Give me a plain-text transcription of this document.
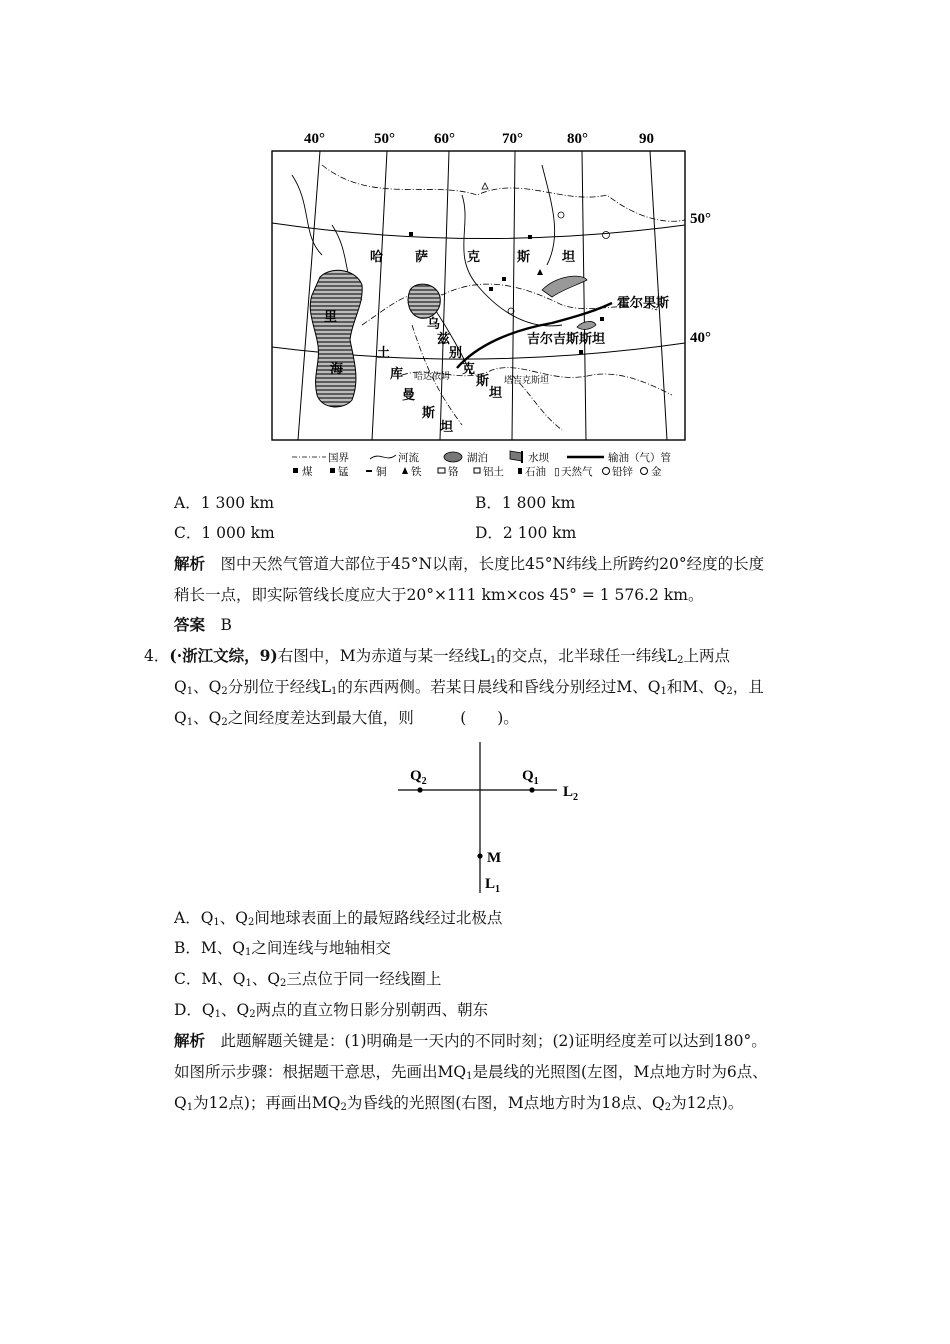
40°	50°	60°	70°	80°	90
50°
40°
哈 萨	克	斯 坦
乌
兹
别
克
斯
坦
土
库
曼
斯
坦
里
海
霍尔果斯
吉尔吉斯斯坦
哈达依姆	塔吉克斯坦
国界	河流	湖泊	水坝	输油（气）管
煤 锰	铜 铁	铬 铝土 石油 ▯ 天然气 铅锌 金
A．1 300 km	B．1 800 km
C．1 000 km	D．2 100 km
解析　 图中天然气管道大部位于45°N以南，长度比45°N纬线上所跨约20°经度的长度
稍长一点，即实际管线长度应大于20°×111 km×cos 45° = 1 576.2 km。
答案　 B
4．(·浙江文综，9)右图中，M为赤道与某一经线$L_1$的交点，北半球任一纬线$L_2$上两点
$Q_1$、$Q_2$分别位于经线$L_1$的东西两侧。若某日晨线和昏线分别经过M、$Q_1$和M、$Q_2$，且
$Q_1$、$Q_2$之间经度差达到最大值，则　　　(　　)。
$Q_2$	$Q_1$
$L_2$
M
$L_1$
A．$Q_1$、$Q_2$间地球表面上的最短路线经过北极点
B．M、$Q_1$之间连线与地轴相交
C．M、$Q_1$、$Q_2$三点位于同一经线圈上
D．$Q_1$、$Q_2$两点的直立物日影分别朝西、朝东
解析　 此题解题关键是：(1)明确是一天内的不同时刻；(2)证明经度差可以达到180°。
如图所示步骤：根据题干意思，先画出$MQ_1$是晨线的光照图(左图，M点地方时为6点、
$Q_1$为12点)；再画出$MQ_2$为昏线的光照图(右图，M点地方时为18点、$Q_2$为12点)。
